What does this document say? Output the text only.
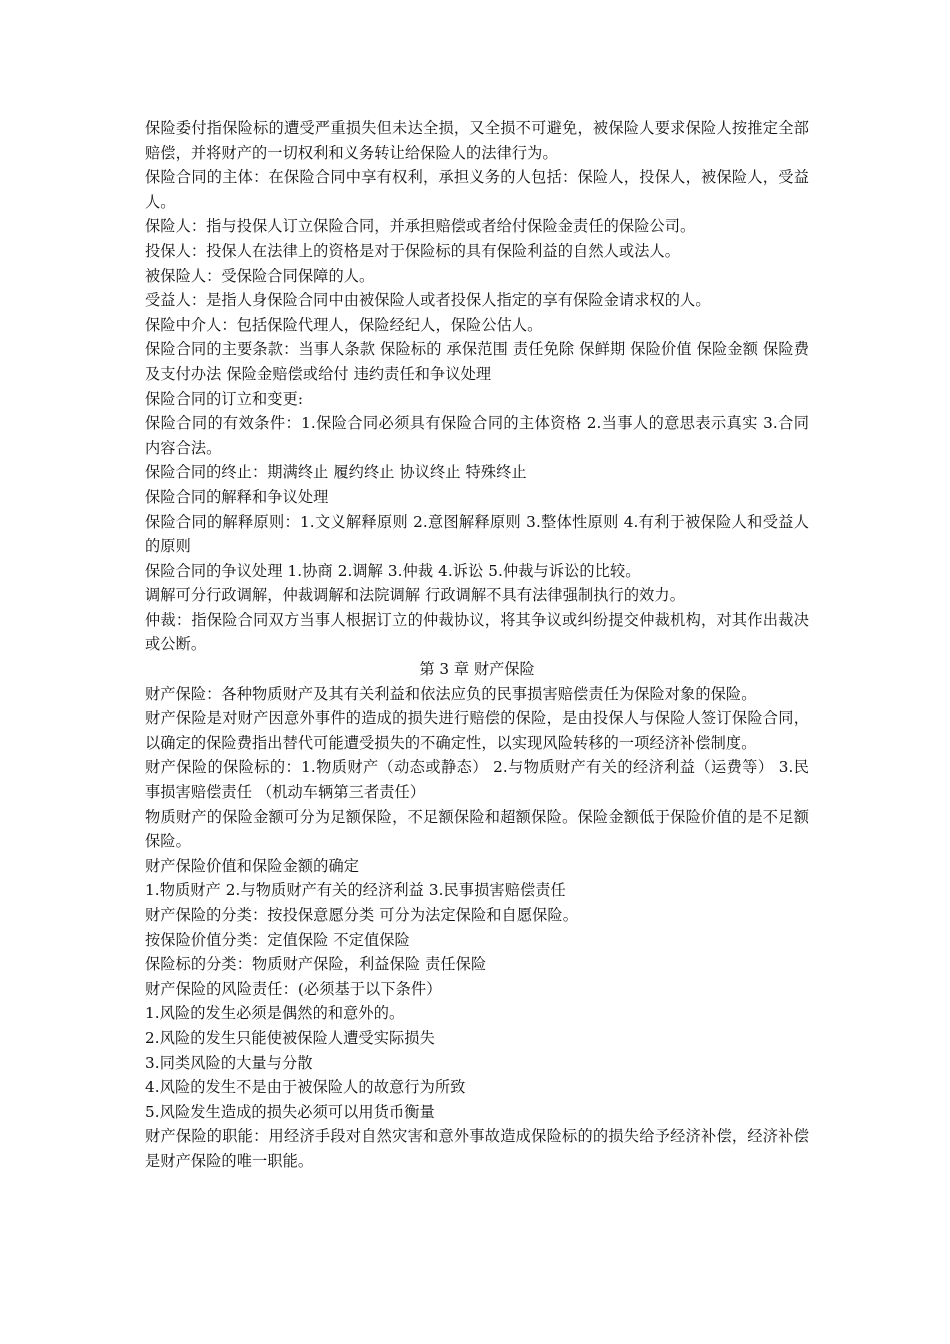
保险委付指保险标的遭受严重损失但未达全损，又全损不可避免，被保险人要求保险人按推定全部赔偿，并将财产的一切权利和义务转让给保险人的法律行为。

保险合同的主体：在保险合同中享有权利，承担义务的人包括：保险人，投保人，被保险人，受益人。

保险人：指与投保人订立保险合同，并承担赔偿或者给付保险金责任的保险公司。

投保人：投保人在法律上的资格是对于保险标的具有保险利益的自然人或法人。

被保险人：受保险合同保障的人。

受益人：是指人身保险合同中由被保险人或者投保人指定的享有保险金请求权的人。

保险中介人：包括保险代理人，保险经纪人，保险公估人。

保险合同的主要条款：当事人条款 保险标的 承保范围 责任免除 保鲜期 保险价值 保险金额 保险费及支付办法 保险金赔偿或给付 违约责任和争议处理

保险合同的订立和变更:

保险合同的有效条件：1.保险合同必须具有保险合同的主体资格 2.当事人的意思表示真实 3.合同内容合法。

保险合同的终止：期满终止 履约终止 协议终止 特殊终止

保险合同的解释和争议处理

保险合同的解释原则：1.文义解释原则 2.意图解释原则 3.整体性原则 4.有利于被保险人和受益人的原则

保险合同的争议处理 1.协商 2.调解 3.仲裁 4.诉讼 5.仲裁与诉讼的比较。

调解可分行政调解，仲裁调解和法院调解 行政调解不具有法律强制执行的效力。

仲裁：指保险合同双方当事人根据订立的仲裁协议，将其争议或纠纷提交仲裁机构，对其作出裁决或公断。

第 3 章 财产保险

财产保险：各种物质财产及其有关利益和依法应负的民事损害赔偿责任为保险对象的保险。

财产保险是对财产因意外事件的造成的损失进行赔偿的保险，是由投保人与保险人签订保险合同，以确定的保险费指出替代可能遭受损失的不确定性，以实现风险转移的一项经济补偿制度。

财产保险的保险标的：1.物质财产（动态或静态） 2.与物质财产有关的经济利益（运费等） 3.民事损害赔偿责任 （机动车辆第三者责任）

物质财产的保险金额可分为足额保险，不足额保险和超额保险。保险金额低于保险价值的是不足额保险。

财产保险价值和保险金额的确定

1.物质财产 2.与物质财产有关的经济利益 3.民事损害赔偿责任

财产保险的分类：按投保意愿分类 可分为法定保险和自愿保险。

按保险价值分类：定值保险 不定值保险

保险标的分类：物质财产保险，利益保险 责任保险

财产保险的风险责任：(必须基于以下条件）

1.风险的发生必须是偶然的和意外的。

2.风险的发生只能使被保险人遭受实际损失

3.同类风险的大量与分散

4.风险的发生不是由于被保险人的故意行为所致

5.风险发生造成的损失必须可以用货币衡量

财产保险的职能：用经济手段对自然灾害和意外事故造成保险标的的损失给予经济补偿，经济补偿是财产保险的唯一职能。
